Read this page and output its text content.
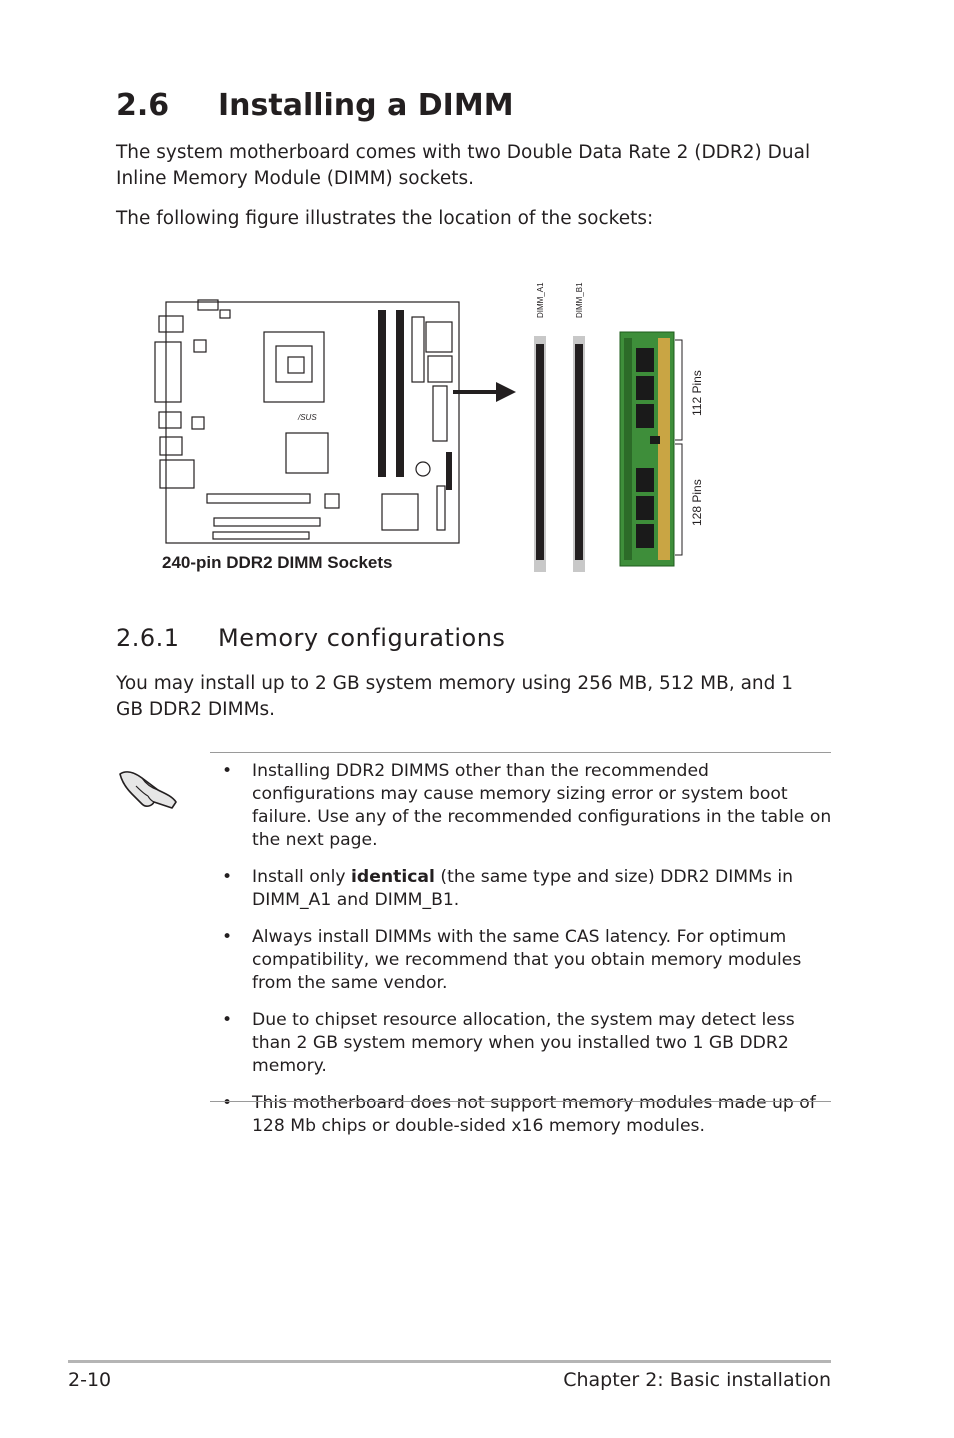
2.6 Installing a DIMM

The system motherboard comes with two Double Data Rate 2 (DDR2) Dual Inline Memory Module (DIMM) sockets.

The following figure illustrates the location of the sockets:

/SUS
DIMM_A1	DIMM_B1
112 Pins
128 Pins
240-pin DDR2 DIMM Sockets
2.6.1 Memory configurations

You may install up to 2 GB system memory using 256 MB, 512 MB, and 1 GB DDR2 DIMMs.

• Installing DDR2 DIMMS other than the recommended configurations may cause memory sizing error or system boot failure. Use any of the recommended configurations in the table on the next page.
• Install only identical (the same type and size) DDR2 DIMMs in DIMM_A1 and DIMM_B1.
• Always install DIMMs with the same CAS latency. For optimum compatibility, we recommend that you obtain memory modules from the same vendor.
• Due to chipset resource allocation, the system may detect less than 2 GB system memory when you installed two 1 GB DDR2 memory.
• This motherboard does not support memory modules made up of 128 Mb chips or double-sided x16 memory modules.
2-10	Chapter 2: Basic installation
